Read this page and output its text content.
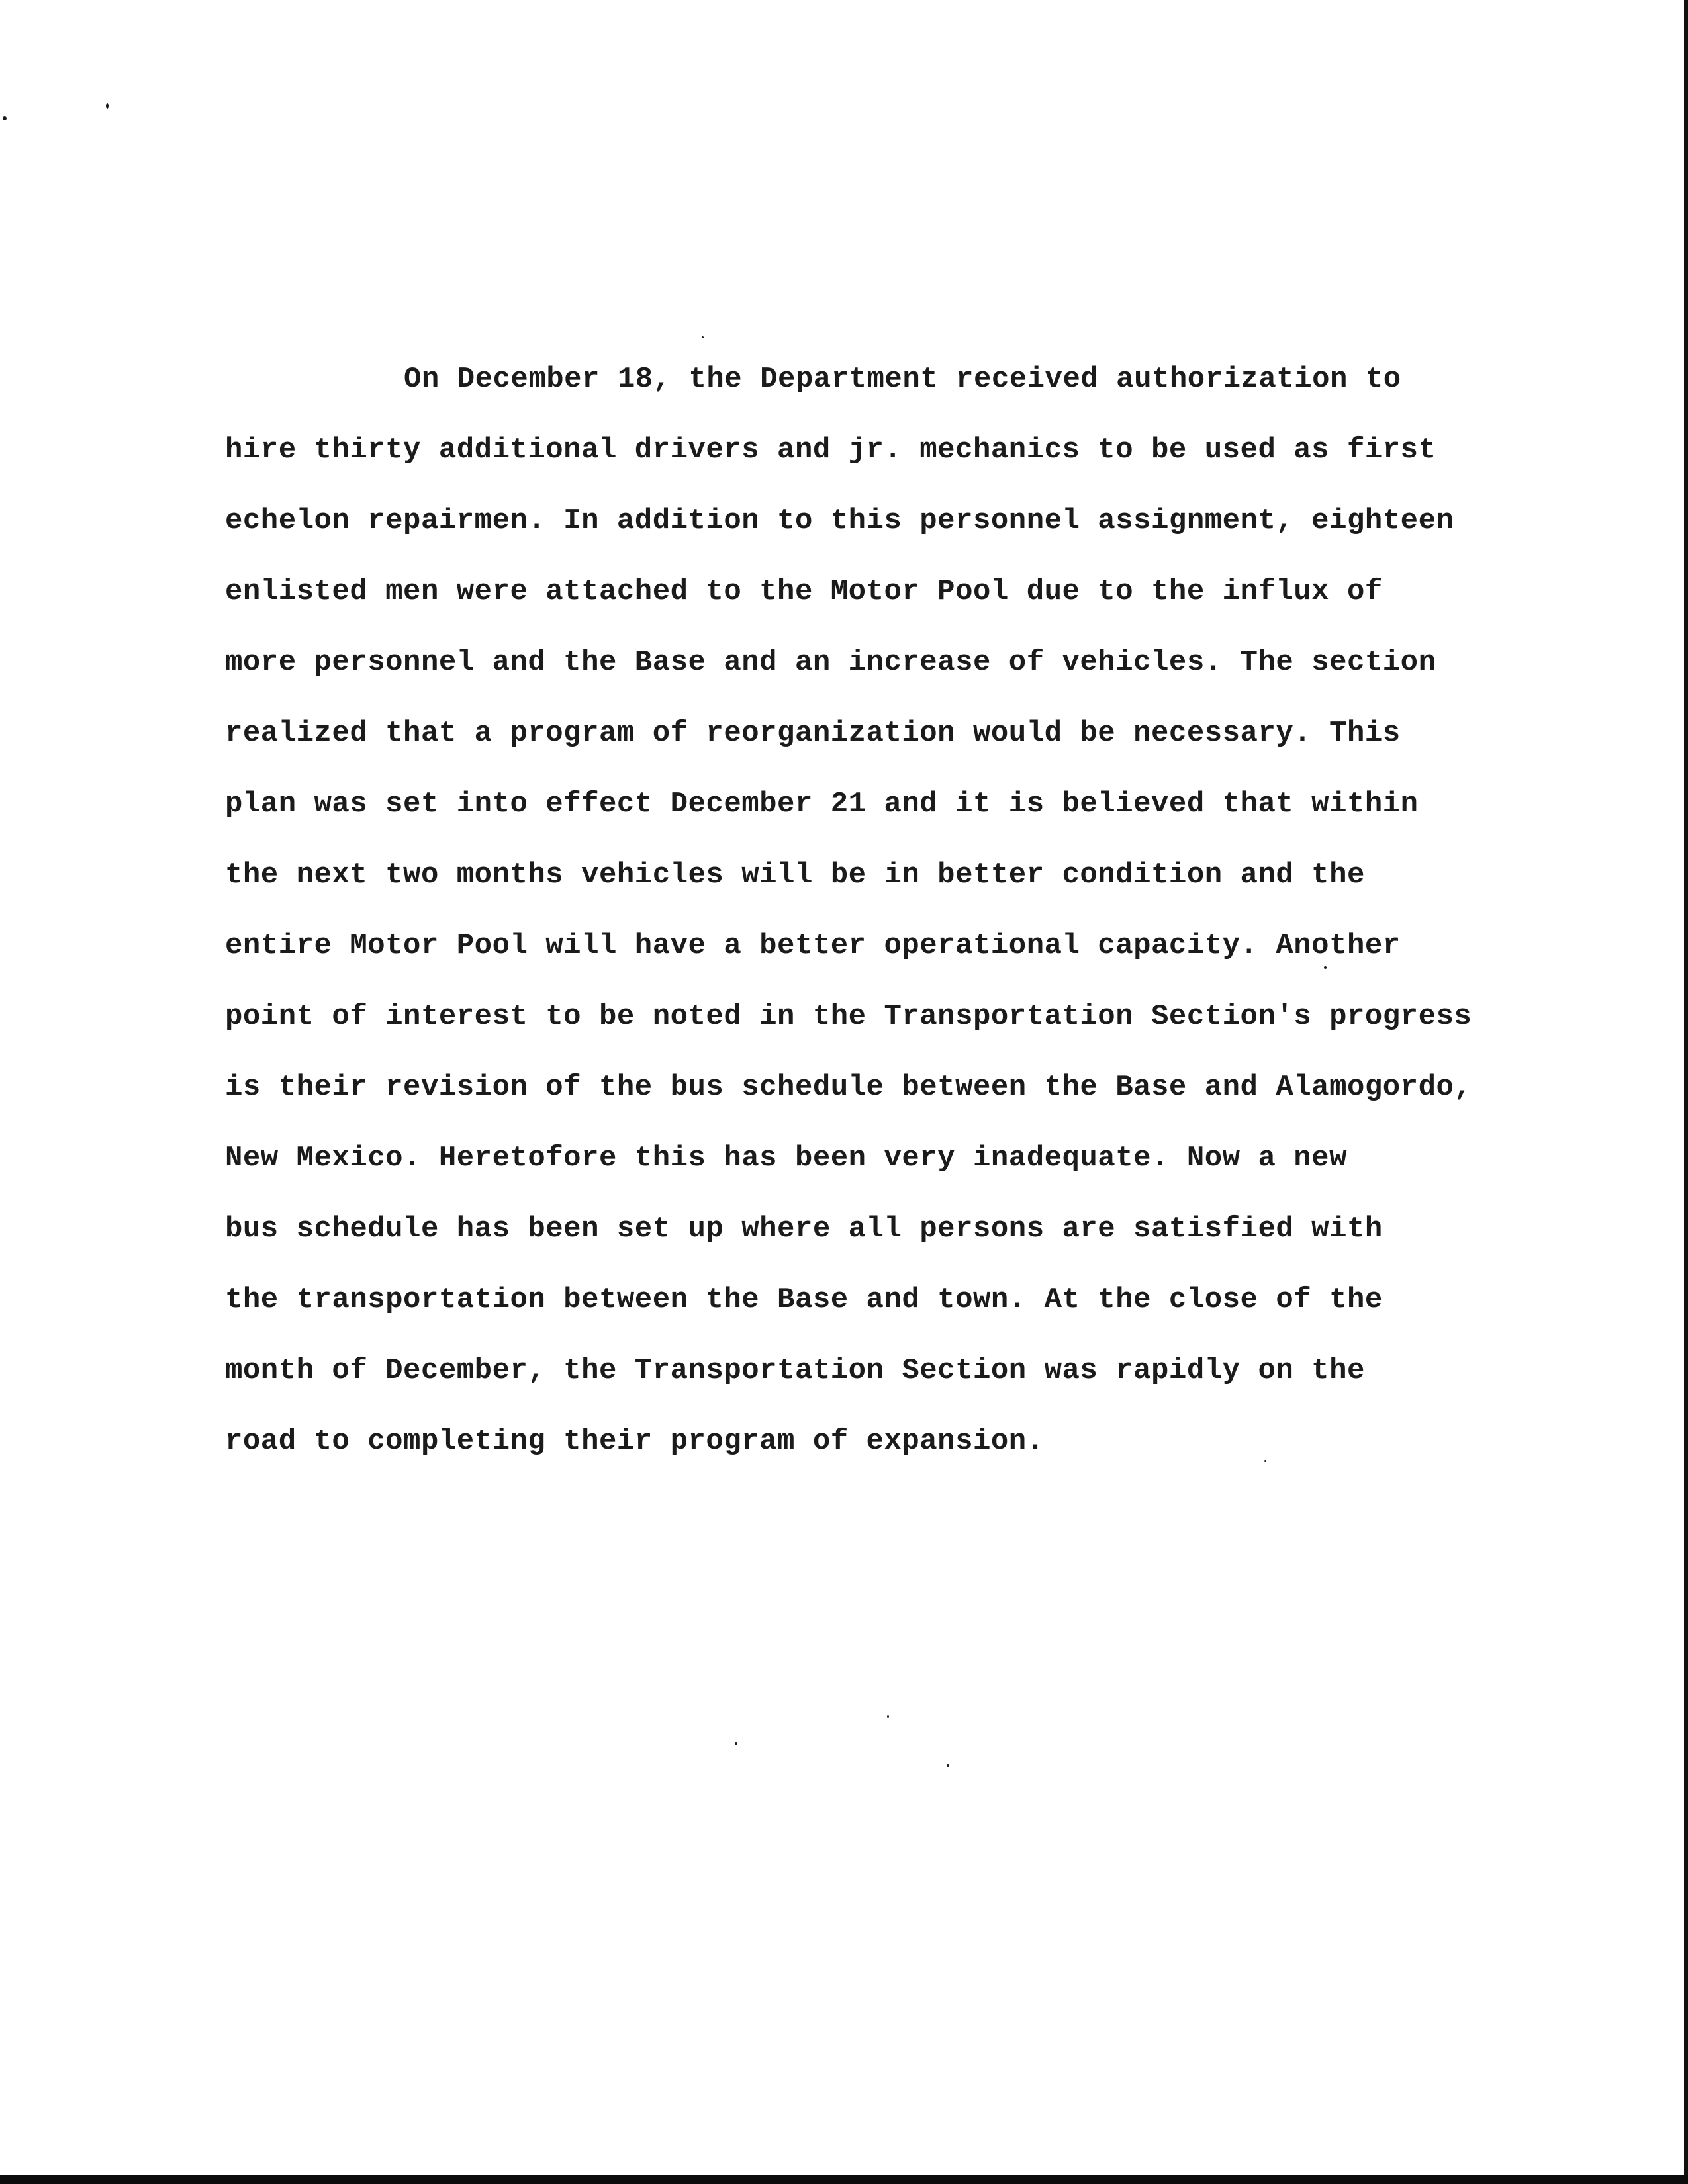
On December 18, the Department received authorization to
hire thirty additional drivers and jr. mechanics to be used as first
echelon repairmen. In addition to this personnel assignment, eighteen
enlisted men were attached to the Motor Pool due to the influx of
more personnel and the Base and an increase of vehicles. The section
realized that a program of reorganization would be necessary. This
plan was set into effect December 21 and it is believed that within
the next two months vehicles will be in better condition and the
entire Motor Pool will have a better operational capacity. Another
point of interest to be noted in the Transportation Section's progress
is their revision of the bus schedule between the Base and Alamogordo,
New Mexico. Heretofore this has been very inadequate. Now a new
bus schedule has been set up where all persons are satisfied with
the transportation between the Base and town. At the close of the
month of December, the Transportation Section was rapidly on the
road to completing their program of expansion.
